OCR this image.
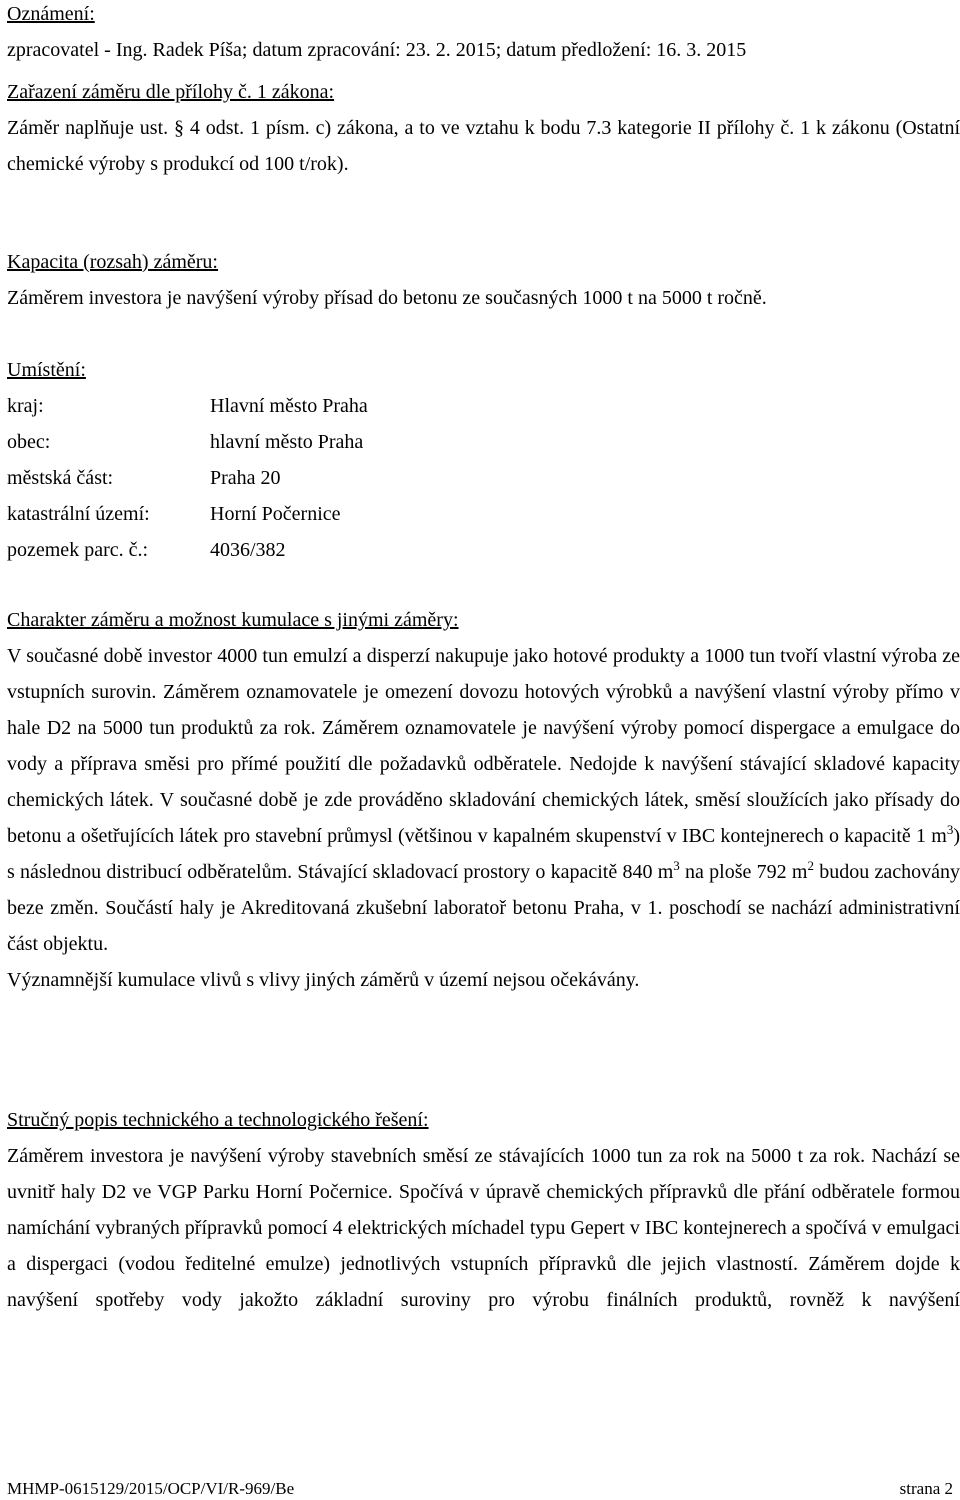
Oznámení:
zpracovatel - Ing. Radek Píša; datum zpracování: 23. 2. 2015; datum předložení: 16. 3. 2015
Zařazení záměru dle přílohy č. 1 zákona:
Záměr naplňuje ust. § 4 odst. 1 písm. c) zákona, a to ve vztahu k bodu 7.3 kategorie II přílohy č. 1 k zákonu (Ostatní chemické výroby s produkcí od 100 t/rok).
Kapacita (rozsah) záměru:
Záměrem investora je navýšení výroby přísad do betonu ze současných 1000 t na 5000 t ročně.
Umístění:
kraj:	Hlavní město Praha
obec:	hlavní město Praha
městská část:	Praha 20
katastrální území:	Horní Počernice
pozemek parc. č.:	4036/382
Charakter záměru a možnost kumulace s jinými záměry:
V současné době investor 4000 tun emulzí a disperzí nakupuje jako hotové produkty a 1000 tun tvoří vlastní výroba ze vstupních surovin. Záměrem oznamovatele je omezení dovozu hotových výrobků a navýšení vlastní výroby přímo v hale D2 na 5000 tun produktů za rok. Záměrem oznamovatele je navýšení výroby pomocí dispergace a emulgace do vody a příprava směsi pro přímé použití dle požadavků odběratele. Nedojde k navýšení stávající skladové kapacity chemických látek. V současné době je zde prováděno skladování chemických látek, směsí sloužících jako přísady do betonu a ošetřujících látek pro stavební průmysl (většinou v kapalném skupenství v IBC kontejnerech o kapacitě 1 $m^3$) s následnou distribucí odběratelům. Stávající skladovací prostory o kapacitě 840 $m^3$ na ploše 792 $m^2$ budou zachovány beze změn. Součástí haly je Akreditovaná zkušební laboratoř betonu Praha, v 1. poschodí se nachází administrativní část objektu.
Významnější kumulace vlivů s vlivy jiných záměrů v území nejsou očekávány.
Stručný popis technického a technologického řešení:
Záměrem investora je navýšení výroby stavebních směsí ze stávajících 1000 tun za rok na 5000 t za rok. Nachází se uvnitř haly D2 ve VGP Parku Horní Počernice. Spočívá v úpravě chemických přípravků dle přání odběratele formou namíchání vybraných přípravků pomocí 4 elektrických míchadel typu Gepert v IBC kontejnerech a spočívá v emulgaci a dispergaci (vodou ředitelné emulze) jednotlivých vstupních přípravků dle jejich vlastností. Záměrem dojde k navýšení spotřeby vody jakožto základní suroviny pro výrobu finálních produktů, rovněž k navýšení
MHMP-0615129/2015/OCP/VI/R-969/Be	strana 2
